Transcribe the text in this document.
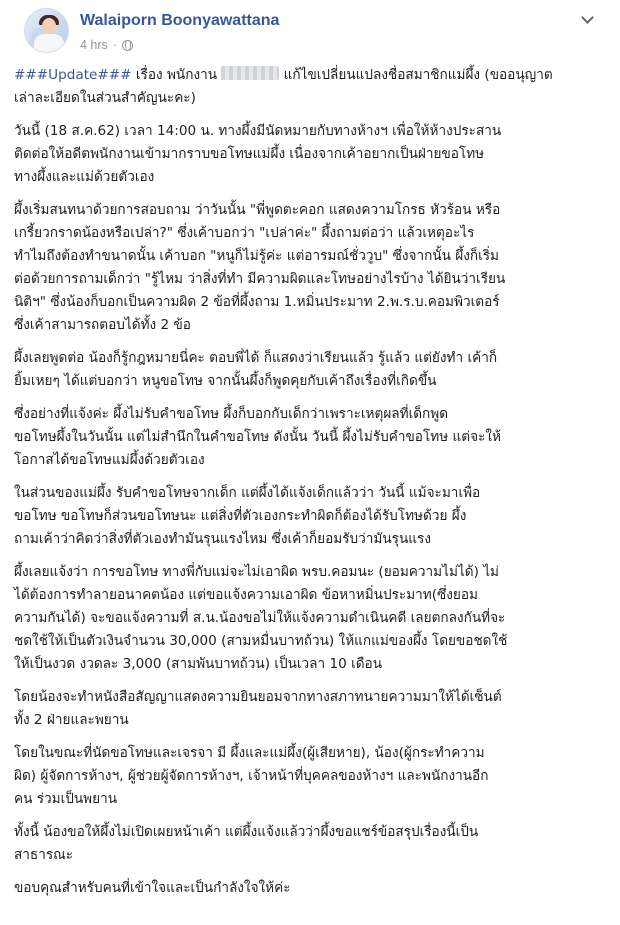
Walaiporn Boonyawattana
4 hrs ·

###Update### เรื่อง พนักงาน	แก้ไขเปลี่ยนแปลงชื่อสมาชิกแม่ผึ้ง (ขออนุญาต
เล่าละเอียดในส่วนสำคัญนะคะ)

วันนี้ (18 ส.ค.62) เวลา 14:00 น. ทางผึ้งมีนัดหมายกับทางห้างฯ เพื่อให้ห้างประสาน
ติดต่อให้อดีตพนักงานเข้ามากราบขอโทษแม่ผึ้ง เนื่องจากเค้าอยากเป็นฝ่ายขอโทษ
ทางผึ้งและแม่ด้วยตัวเอง

ผึ้งเริ่มสนทนาด้วยการสอบถาม ว่าวันนั้น "พี่พูดตะคอก แสดงความโกรธ หัวร้อน หรือ
เกรี้ยวกราดน้องหรือเปล่า?" ซึ่งเค้าบอกว่า "เปล่าค่ะ" ผึ้งถามต่อว่า แล้วเหตุอะไร
ทำไมถึงต้องทำขนาดนั้น เค้าบอก "หนูก็ไม่รู้ค่ะ แต่อารมณ์ชั่ววูบ" ซึ่งจากนั้น ผึ้งก็เริ่ม
ต่อด้วยการถามเด็กว่า "รู้ไหม ว่าสิ่งที่ทำ มีความผิดและโทษอย่างไรบ้าง ได้ยินว่าเรียน
นิติฯ" ซึ่งน้องก็บอกเป็นความผิด 2 ข้อที่ผึ้งถาม 1.หมิ่นประมาท 2.พ.ร.บ.คอมพิวเตอร์
ซึ่งเค้าสามารถตอบได้ทั้ง 2 ข้อ

ผึ้งเลยพูดต่อ น้องก็รู้กฎหมายนี่คะ ตอบพี่ได้ ก็แสดงว่าเรียนแล้ว รู้แล้ว แต่ยังทำ เค้าก็
ยิ้มเหยๆ ได้แต่บอกว่า หนูขอโทษ จากนั้นผึ้งก็พูดคุยกับเค้าถึงเรื่องที่เกิดขึ้น

ซึ่งอย่างที่แจ้งค่ะ ผึ้งไม่รับคำขอโทษ ผึ้งก็บอกกับเด็กว่าเพราะเหตุผลที่เด็กพูด
ขอโทษผึ้งในวันนั้น แต่ไม่สำนึกในคำขอโทษ ดังนั้น วันนี้ ผึ้งไม่รับคำขอโทษ แต่จะให้
โอกาสได้ขอโทษแม่ผึ้งด้วยตัวเอง

ในส่วนของแม่ผึ้ง รับคำขอโทษจากเด็ก แต่ผึ้งได้แจ้งเด็กแล้วว่า วันนี้ แม้จะมาเพื่อ
ขอโทษ ขอโทษก็ส่วนขอโทษนะ แต่สิ่งที่ตัวเองกระทำผิดก็ต้องได้รับโทษด้วย ผึ้ง
ถามเค้าว่าคิดว่าสิ่งที่ตัวเองทำมันรุนแรงไหม ซึ่งเค้าก็ยอมรับว่ามันรุนแรง

ผึ้งเลยแจ้งว่า การขอโทษ ทางพี่กับแม่จะไม่เอาผิด พรบ.คอมนะ (ยอมความไม่ได้) ไม่
ได้ต้องการทำลายอนาคตน้อง แต่ขอแจ้งความเอาผิด ข้อหาหมิ่นประมาท(ซึ่งยอม
ความกันได้) จะขอแจ้งความที่ ส.น.น้องขอไม่ให้แจ้งความดำเนินคดี เลยตกลงกันที่จะ
ชดใช้ให้เป็นตัวเงินจำนวน 30,000 (สามหมื่นบาทถ้วน) ให้แกแม่ของผึ้ง โดยขอชดใช้
ให้เป็นงวด งวดละ 3,000 (สามพันบาทถ้วน) เป็นเวลา 10 เดือน

โดยน้องจะทำหนังสือสัญญาแสดงความยินยอมจากทางสภาทนายความมาให้ได้เซ็นต์
ทั้ง 2 ฝ่ายและพยาน

โดยในขณะที่นัดขอโทษและเจรจา มี ผึ้งและแม่ผึ้ง(ผู้เสียหาย), น้อง(ผู้กระทำความ
ผิด) ผู้จัดการห้างฯ, ผู้ช่วยผู้จัดการห้างฯ, เจ้าหน้าที่บุคคลของห้างฯ และพนักงานอีก
คน ร่วมเป็นพยาน

ทั้งนี้ น้องขอให้ผึ้งไม่เปิดเผยหน้าเค้า แต่ผึ้งแจ้งแล้วว่าผึ้งขอแชร์ข้อสรุปเรื่องนี้เป็น
สาธารณะ

ขอบคุณสำหรับคนที่เข้าใจและเป็นกำลังใจให้ค่ะ
